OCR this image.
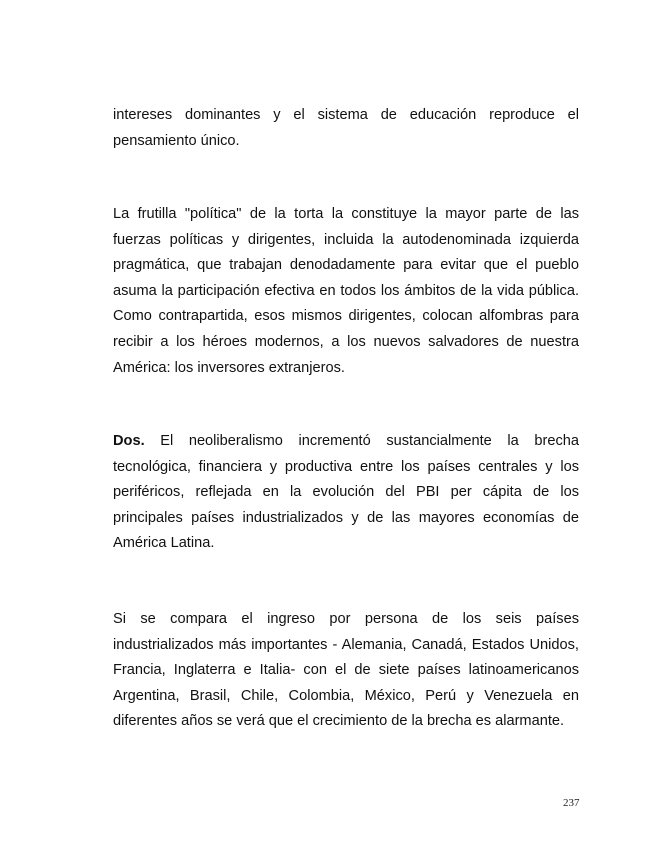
intereses dominantes y el sistema de educación reproduce el pensamiento único.

La frutilla "política" de la torta la constituye la mayor parte de las fuerzas políticas y dirigentes, incluida la autodenominada izquierda pragmática, que trabajan denodadamente para evitar que el pueblo asuma la participación efectiva en todos los ámbitos de la vida pública. Como contrapartida, esos mismos dirigentes, colocan alfombras para recibir a los héroes modernos, a los nuevos salvadores de nuestra América: los inversores extranjeros.

Dos. El neoliberalismo incrementó sustancialmente la brecha tecnológica, financiera y productiva entre los países centrales y los periféricos, reflejada en la evolución del PBI per cápita de los principales países industrializados y de las mayores economías de América Latina.

Si se compara el ingreso por persona de los seis países industrializados más importantes - Alemania, Canadá, Estados Unidos, Francia, Inglaterra e Italia- con el de siete países latinoamericanos Argentina, Brasil, Chile, Colombia, México, Perú y Venezuela en diferentes años se verá que el crecimiento de la brecha es alarmante.

237
